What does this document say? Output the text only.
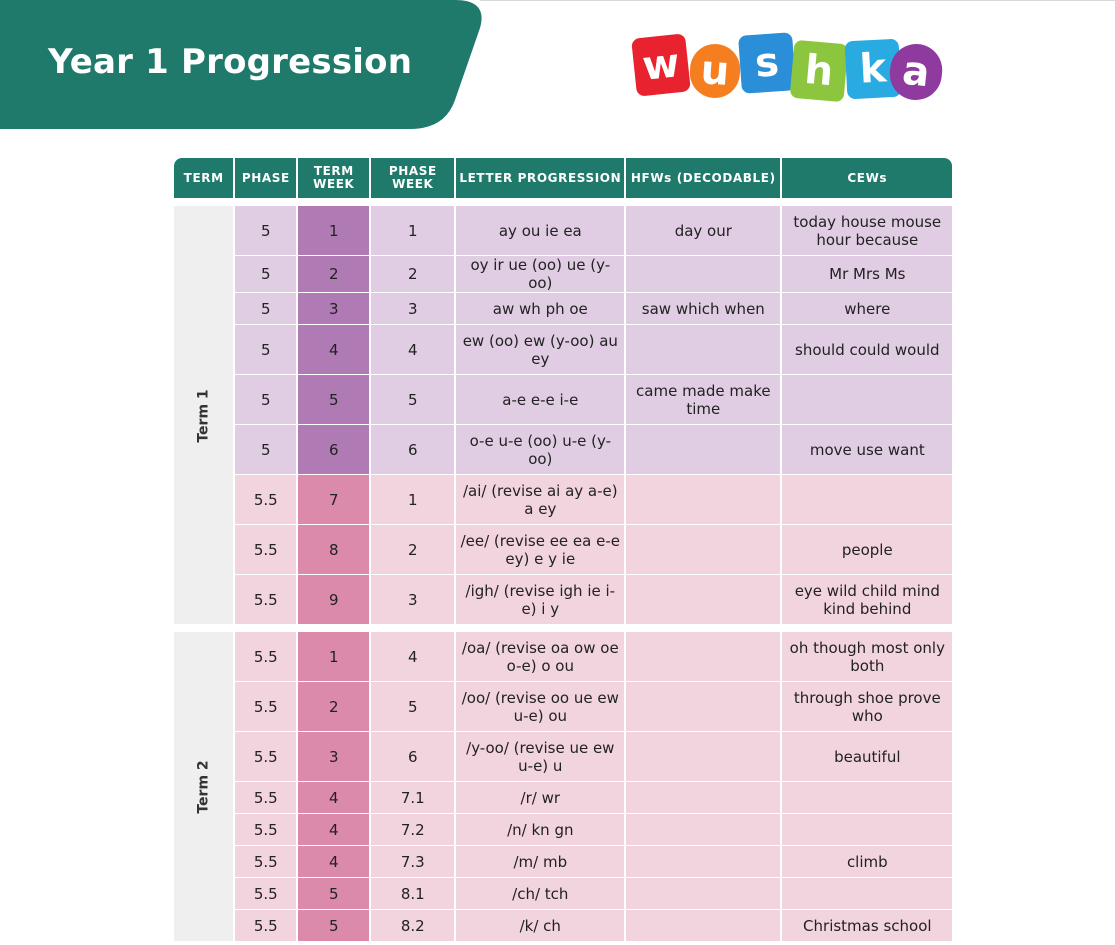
Year 1 Progression	w u s h k a
TERM	PHASE	TERM WEEK	PHASE WEEK	LETTER PROGRESSION	HFWs (DECODABLE)	CEWs

Term 1	5	1	1	ay ou ie ea	day our	today house mouse hour because
	5	2	2	oy ir ue (oo) ue (y-oo)		Mr Mrs Ms
	5	3	3	aw wh ph oe	saw which when	where
	5	4	4	ew (oo) ew (y-oo) au ey		should could would
	5	5	5	a-e e-e i-e	came made make time	
	5	6	6	o-e u-e (oo) u-e (y-oo)		move use want
	5.5	7	1	/ai/ (revise ai ay a-e) a ey		
	5.5	8	2	/ee/ (revise ee ea e-e ey) e y ie		people
	5.5	9	3	/igh/ (revise igh ie i-e) i y		eye wild child mind kind behind

Term 2	5.5	1	4	/oa/ (revise oa ow oe o-e) o ou		oh though most only both
	5.5	2	5	/oo/ (revise oo ue ew u-e) ou		through shoe prove who
	5.5	3	6	/y-oo/ (revise ue ew u-e) u		beautiful
	5.5	4	7.1	/r/ wr		
	5.5	4	7.2	/n/ kn gn		
	5.5	4	7.3	/m/ mb		climb
	5.5	5	8.1	/ch/ tch		
	5.5	5	8.2	/k/ ch		Christmas school
